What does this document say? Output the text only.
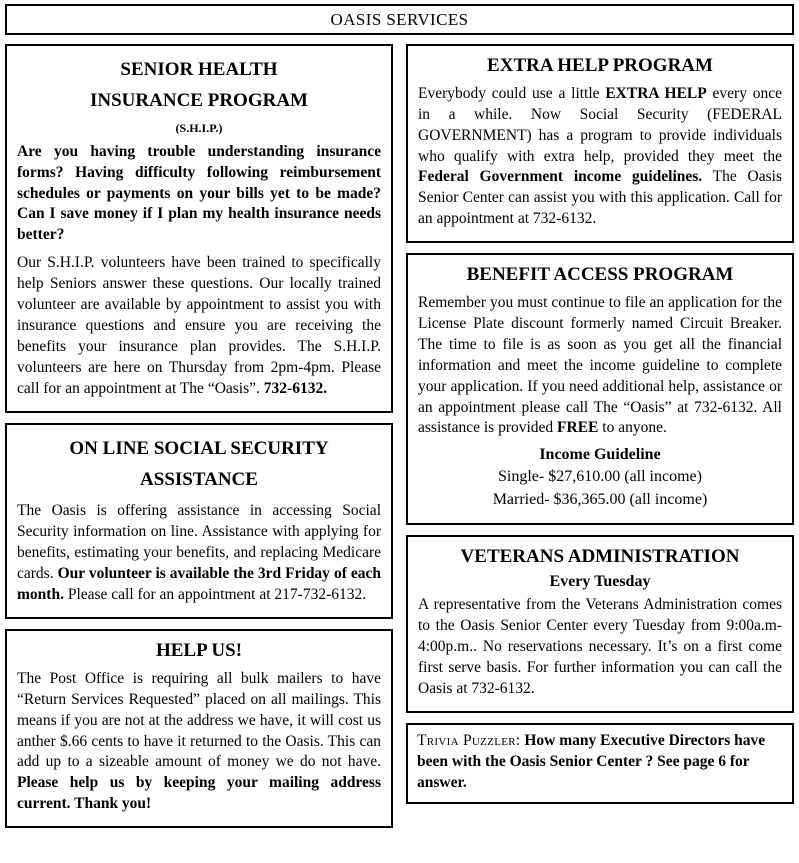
OASIS SERVICES
SENIOR HEALTH
INSURANCE PROGRAM
(S.H.I.P.)

Are you having trouble understanding insurance forms? Having difficulty following reimbursement schedules or payments on your bills yet to be made? Can I save money if I plan my health insurance needs better?

Our S.H.I.P. volunteers have been trained to specifically help Seniors answer these questions. Our locally trained volunteer are available by appointment to assist you with insurance questions and ensure you are receiving the benefits your insurance plan provides. The S.H.I.P. volunteers are here on Thursday from 2pm-4pm. Please call for an appointment at The “Oasis”. 732-6132.

ON LINE SOCIAL SECURITY
ASSISTANCE

The Oasis is offering assistance in accessing Social Security information on line. Assistance with applying for benefits, estimating your benefits, and replacing Medicare cards. Our volunteer is available the 3rd Friday of each month. Please call for an appointment at 217-732-6132.

HELP US!

The Post Office is requiring all bulk mailers to have “Return Services Requested” placed on all mailings. This means if you are not at the address we have, it will cost us anther $.66 cents to have it returned to the Oasis. This can add up to a sizeable amount of money we do not have. Please help us by keeping your mailing address current. Thank you!

EXTRA HELP PROGRAM

Everybody could use a little EXTRA HELP every once in a while. Now Social Security (FEDERAL GOVERNMENT) has a program to provide individuals who qualify with extra help, provided they meet the Federal Government income guidelines. The Oasis Senior Center can assist you with this application. Call for an appointment at 732-6132.

BENEFIT ACCESS PROGRAM

Remember you must continue to file an application for the License Plate discount formerly named Circuit Breaker. The time to file is as soon as you get all the financial information and meet the income guideline to complete your application. If you need additional help, assistance or an appointment please call The “Oasis” at 732-6132. All assistance is provided FREE to anyone.

Income Guideline
Single- $27,610.00 (all income)
Married- $36,365.00 (all income)
VETERANS ADMINISTRATION
Every Tuesday

A representative from the Veterans Administration comes to the Oasis Senior Center every Tuesday from 9:00a.m-4:00p.m.. No reservations necessary. It’s on a first come first serve basis. For further information you can call the Oasis at 732-6132.

Trivia Puzzler: How many Executive Directors have been with the Oasis Senior Center ? See page 6 for answer.
